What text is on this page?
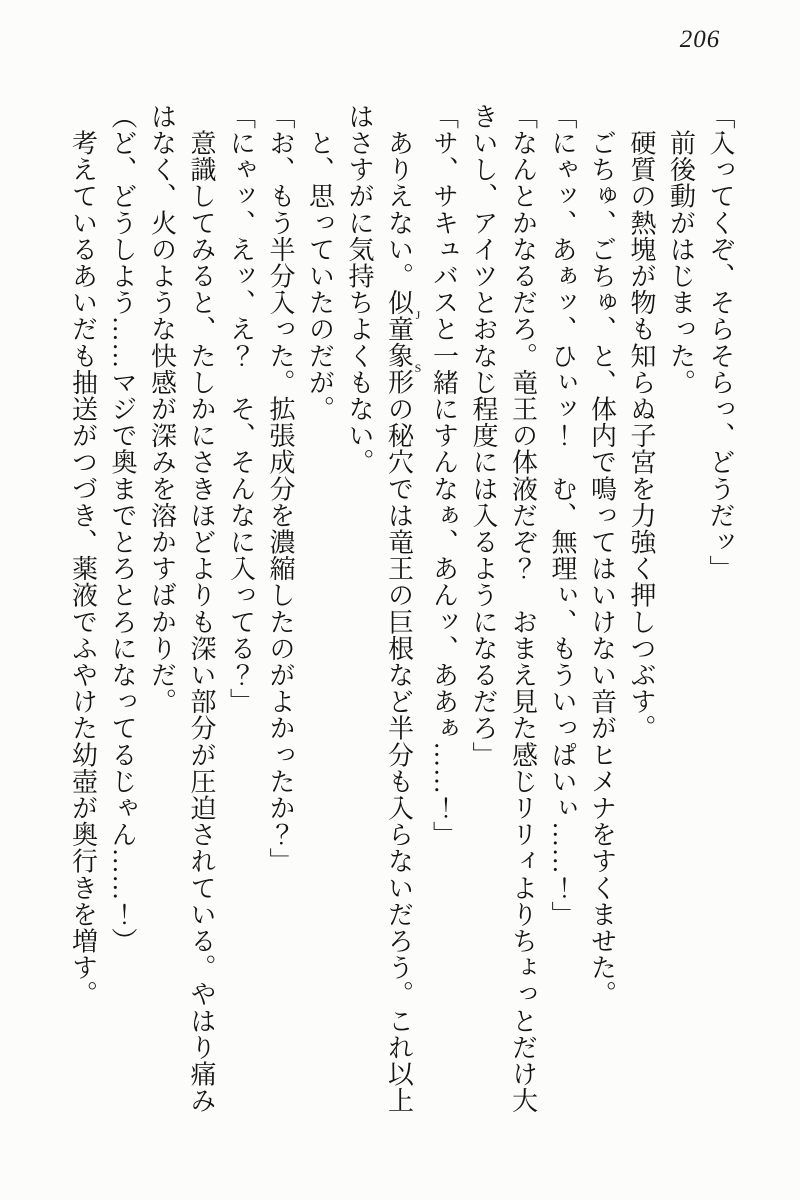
206
「入ってくぞ、そらそらっ、どうだッ」
　前後動がはじまった。
　硬質の熱塊が物も知らぬ子宮を力強く押しつぶす。
　ごちゅ、ごちゅ、と、体内で鳴ってはいけない音がヒメナをすくませた。
「にゃッ、あぁッ、ひぃッ！　む、無理ぃ、もういっぱいぃ……！」
「なんとかなるだろ。竜王の体液だぞ？　おまえ見た感じリリィよりちょっとだけ大
きいし、アイツとおなじ程度には入るようになるだろ」
「サ、サキュバスと一緒にすんなぁ、あんッ、ああぁ……！」
　ありえない。似童J象形Sの秘穴では竜王の巨根など半分も入らないだろう。これ以上
はさすがに気持ちよくもない。
　と、思っていたのだが。
「お、もう半分入った。拡張成分を濃縮したのがよかったか？」
「にゃッ、えッ、え？　そ、そんなに入ってる？」
　意識してみると、たしかにさきほどよりも深い部分が圧迫されている。やはり痛み
はなく、火のような快感が深みを溶かすばかりだ。
（ど、どうしよう……マジで奥までとろとろになってるじゃん……！）
　考えているあいだも抽送がつづき、薬液でふやけた幼壺が奥行きを増す。
